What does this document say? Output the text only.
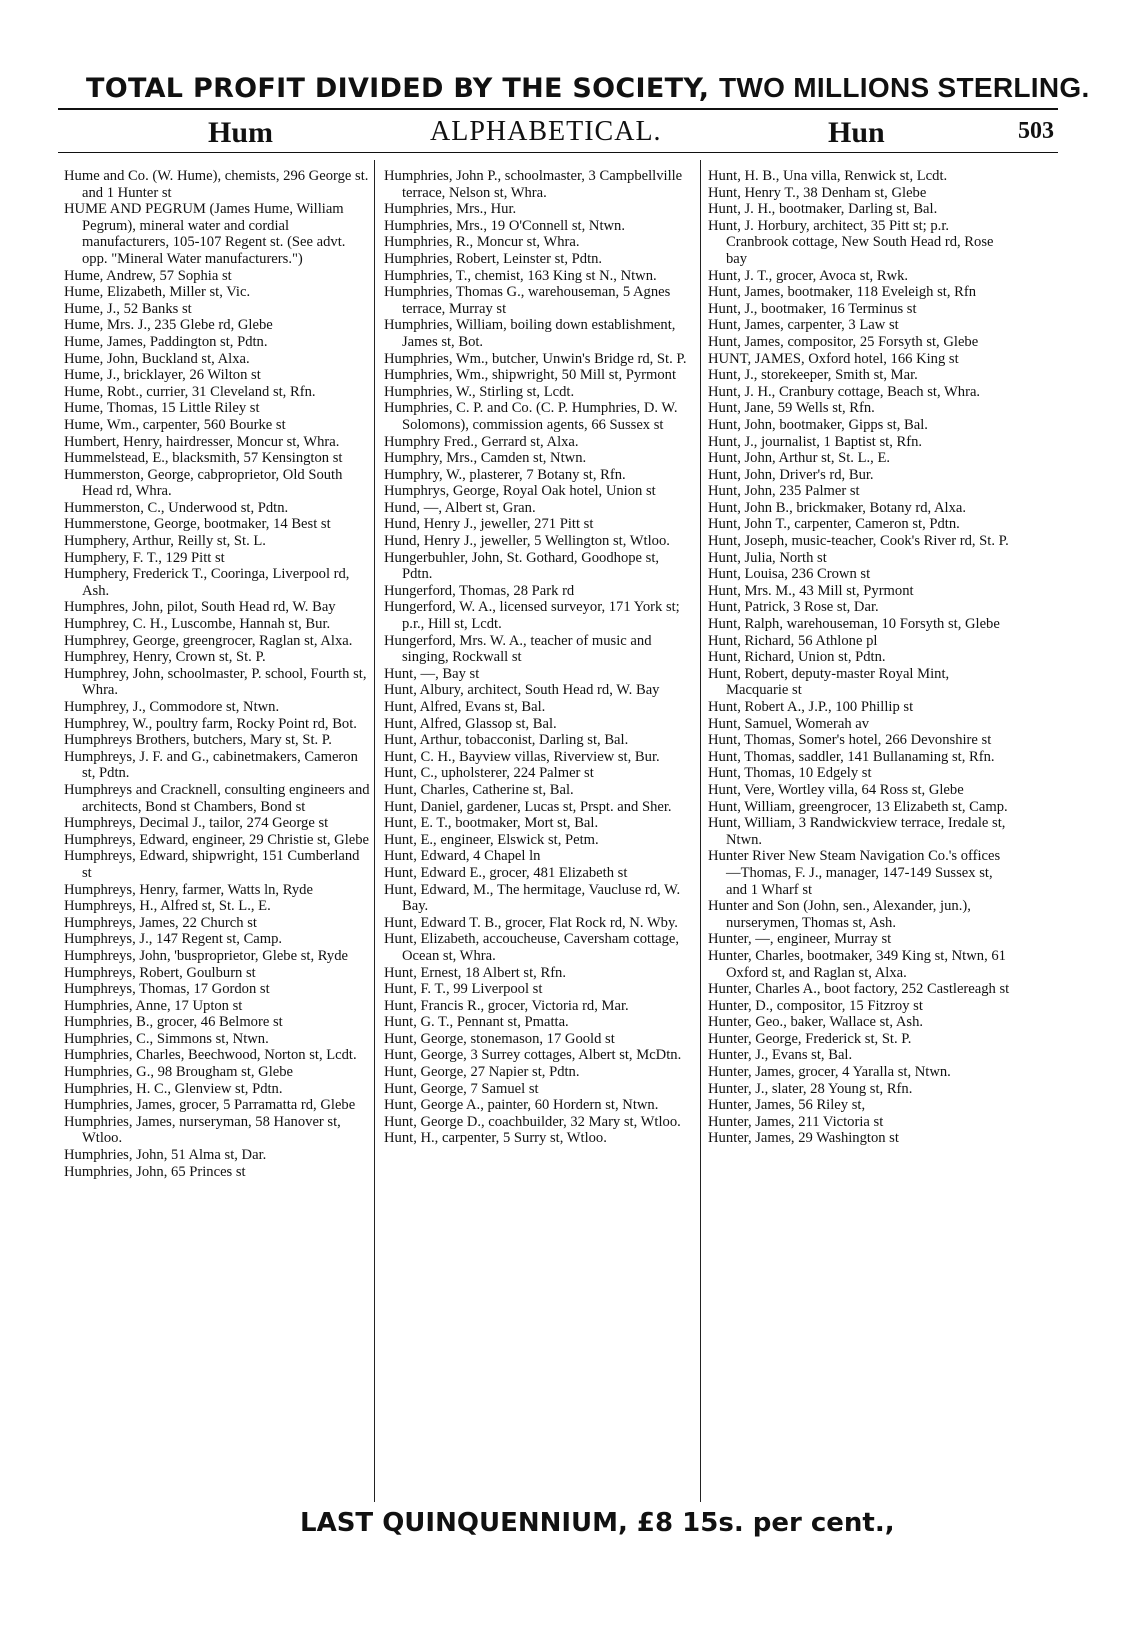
TOTAL PROFIT DIVIDED BY THE SOCIETY, TWO MILLIONS STERLING.
Hum	ALPHABETICAL.	Hun	503
Hume and Co. (W. Hume), chemists, 296 George st. and 1 Hunter st
HUME AND PEGRUM (James Hume, William Pegrum), mineral water and cordial manufacturers, 105-107 Regent st. (See advt. opp. "Mineral Water manufacturers.")
Hume, Andrew, 57 Sophia st
Hume, Elizabeth, Miller st, Vic.
Hume, J., 52 Banks st
Hume, Mrs. J., 235 Glebe rd, Glebe
Hume, James, Paddington st, Pdtn.
Hume, John, Buckland st, Alxa.
Hume, J., bricklayer, 26 Wilton st
Hume, Robt., currier, 31 Cleveland st, Rfn.
Hume, Thomas, 15 Little Riley st
Hume, Wm., carpenter, 560 Bourke st
Humbert, Henry, hairdresser, Moncur st, Whra.
Hummelstead, E., blacksmith, 57 Kensington st
Hummerston, George, cabproprietor, Old South Head rd, Whra.
Hummerston, C., Underwood st, Pdtn.
Hummerstone, George, bootmaker, 14 Best st
Humphery, Arthur, Reilly st, St. L.
Humphery, F. T., 129 Pitt st
Humphery, Frederick T., Cooringa, Liverpool rd, Ash.
Humphres, John, pilot, South Head rd, W. Bay
Humphrey, C. H., Luscombe, Hannah st, Bur.
Humphrey, George, greengrocer, Raglan st, Alxa.
Humphrey, Henry, Crown st, St. P.
Humphrey, John, schoolmaster, P. school, Fourth st, Whra.
Humphrey, J., Commodore st, Ntwn.
Humphrey, W., poultry farm, Rocky Point rd, Bot.
Humphreys Brothers, butchers, Mary st, St. P.
Humphreys, J. F. and G., cabinetmakers, Cameron st, Pdtn.
Humphreys and Cracknell, consulting engineers and architects, Bond st Chambers, Bond st
Humphreys, Decimal J., tailor, 274 George st
Humphreys, Edward, engineer, 29 Christie st, Glebe
Humphreys, Edward, shipwright, 151 Cumberland st
Humphreys, Henry, farmer, Watts ln, Ryde
Humphreys, H., Alfred st, St. L., E.
Humphreys, James, 22 Church st
Humphreys, J., 147 Regent st, Camp.
Humphreys, John, 'busproprietor, Glebe st, Ryde
Humphreys, Robert, Goulburn st
Humphreys, Thomas, 17 Gordon st
Humphries, Anne, 17 Upton st
Humphries, B., grocer, 46 Belmore st
Humphries, C., Simmons st, Ntwn.
Humphries, Charles, Beechwood, Norton st, Lcdt.
Humphries, G., 98 Brougham st, Glebe
Humphries, H. C., Glenview st, Pdtn.
Humphries, James, grocer, 5 Parramatta rd, Glebe
Humphries, James, nurseryman, 58 Hanover st, Wtloo.
Humphries, John, 51 Alma st, Dar.
Humphries, John, 65 Princes st
Humphries, John P., schoolmaster, 3 Campbellville terrace, Nelson st, Whra.
Humphries, Mrs., Hur.
Humphries, Mrs., 19 O'Connell st, Ntwn.
Humphries, R., Moncur st, Whra.
Humphries, Robert, Leinster st, Pdtn.
Humphries, T., chemist, 163 King st N., Ntwn.
Humphries, Thomas G., warehouseman, 5 Agnes terrace, Murray st
Humphries, William, boiling down establishment, James st, Bot.
Humphries, Wm., butcher, Unwin's Bridge rd, St. P.
Humphries, Wm., shipwright, 50 Mill st, Pyrmont
Humphries, W., Stirling st, Lcdt.
Humphries, C. P. and Co. (C. P. Humphries, D. W. Solomons), commission agents, 66 Sussex st
Humphry Fred., Gerrard st, Alxa.
Humphry, Mrs., Camden st, Ntwn.
Humphry, W., plasterer, 7 Botany st, Rfn.
Humphrys, George, Royal Oak hotel, Union st
Hund, —, Albert st, Gran.
Hund, Henry J., jeweller, 271 Pitt st
Hund, Henry J., jeweller, 5 Wellington st, Wtloo.
Hungerbuhler, John, St. Gothard, Goodhope st, Pdtn.
Hungerford, Thomas, 28 Park rd
Hungerford, W. A., licensed surveyor, 171 York st; p.r., Hill st, Lcdt.
Hungerford, Mrs. W. A., teacher of music and singing, Rockwall st
Hunt, —, Bay st
Hunt, Albury, architect, South Head rd, W. Bay
Hunt, Alfred, Evans st, Bal.
Hunt, Alfred, Glassop st, Bal.
Hunt, Arthur, tobacconist, Darling st, Bal.
Hunt, C. H., Bayview villas, Riverview st, Bur.
Hunt, C., upholsterer, 224 Palmer st
Hunt, Charles, Catherine st, Bal.
Hunt, Daniel, gardener, Lucas st, Prspt. and Sher.
Hunt, E. T., bootmaker, Mort st, Bal.
Hunt, E., engineer, Elswick st, Petm.
Hunt, Edward, 4 Chapel ln
Hunt, Edward E., grocer, 481 Elizabeth st
Hunt, Edward, M., The hermitage, Vaucluse rd, W. Bay.
Hunt, Edward T. B., grocer, Flat Rock rd, N. Wby.
Hunt, Elizabeth, accoucheuse, Caversham cottage, Ocean st, Whra.
Hunt, Ernest, 18 Albert st, Rfn.
Hunt, F. T., 99 Liverpool st
Hunt, Francis R., grocer, Victoria rd, Mar.
Hunt, G. T., Pennant st, Pmatta.
Hunt, George, stonemason, 17 Goold st
Hunt, George, 3 Surrey cottages, Albert st, McDtn.
Hunt, George, 27 Napier st, Pdtn.
Hunt, George, 7 Samuel st
Hunt, George A., painter, 60 Hordern st, Ntwn.
Hunt, George D., coachbuilder, 32 Mary st, Wtloo.
Hunt, H., carpenter, 5 Surry st, Wtloo.
Hunt, H. B., Una villa, Renwick st, Lcdt.
Hunt, Henry T., 38 Denham st, Glebe
Hunt, J. H., bootmaker, Darling st, Bal.
Hunt, J. Horbury, architect, 35 Pitt st; p.r. Cranbrook cottage, New South Head rd, Rose bay
Hunt, J. T., grocer, Avoca st, Rwk.
Hunt, James, bootmaker, 118 Eveleigh st, Rfn
Hunt, J., bootmaker, 16 Terminus st
Hunt, James, carpenter, 3 Law st
Hunt, James, compositor, 25 Forsyth st, Glebe
HUNT, JAMES, Oxford hotel, 166 King st
Hunt, J., storekeeper, Smith st, Mar.
Hunt, J. H., Cranbury cottage, Beach st, Whra.
Hunt, Jane, 59 Wells st, Rfn.
Hunt, John, bootmaker, Gipps st, Bal.
Hunt, J., journalist, 1 Baptist st, Rfn.
Hunt, John, Arthur st, St. L., E.
Hunt, John, Driver's rd, Bur.
Hunt, John, 235 Palmer st
Hunt, John B., brickmaker, Botany rd, Alxa.
Hunt, John T., carpenter, Cameron st, Pdtn.
Hunt, Joseph, music-teacher, Cook's River rd, St. P.
Hunt, Julia, North st
Hunt, Louisa, 236 Crown st
Hunt, Mrs. M., 43 Mill st, Pyrmont
Hunt, Patrick, 3 Rose st, Dar.
Hunt, Ralph, warehouseman, 10 Forsyth st, Glebe
Hunt, Richard, 56 Athlone pl
Hunt, Richard, Union st, Pdtn.
Hunt, Robert, deputy-master Royal Mint, Macquarie st
Hunt, Robert A., J.P., 100 Phillip st
Hunt, Samuel, Womerah av
Hunt, Thomas, Somer's hotel, 266 Devonshire st
Hunt, Thomas, saddler, 141 Bullanaming st, Rfn.
Hunt, Thomas, 10 Edgely st
Hunt, Vere, Wortley villa, 64 Ross st, Glebe
Hunt, William, greengrocer, 13 Elizabeth st, Camp.
Hunt, William, 3 Randwickview terrace, Iredale st, Ntwn.
Hunter River New Steam Navigation Co.'s offices—Thomas, F. J., manager, 147-149 Sussex st, and 1 Wharf st
Hunter and Son (John, sen., Alexander, jun.), nurserymen, Thomas st, Ash.
Hunter, —, engineer, Murray st
Hunter, Charles, bootmaker, 349 King st, Ntwn, 61 Oxford st, and Raglan st, Alxa.
Hunter, Charles A., boot factory, 252 Castlereagh st
Hunter, D., compositor, 15 Fitzroy st
Hunter, Geo., baker, Wallace st, Ash.
Hunter, George, Frederick st, St. P.
Hunter, J., Evans st, Bal.
Hunter, James, grocer, 4 Yaralla st, Ntwn.
Hunter, J., slater, 28 Young st, Rfn.
Hunter, James, 56 Riley st,
Hunter, James, 211 Victoria st
Hunter, James, 29 Washington st
LAST QUINQUENNIUM, £8 15s. per cent.,
